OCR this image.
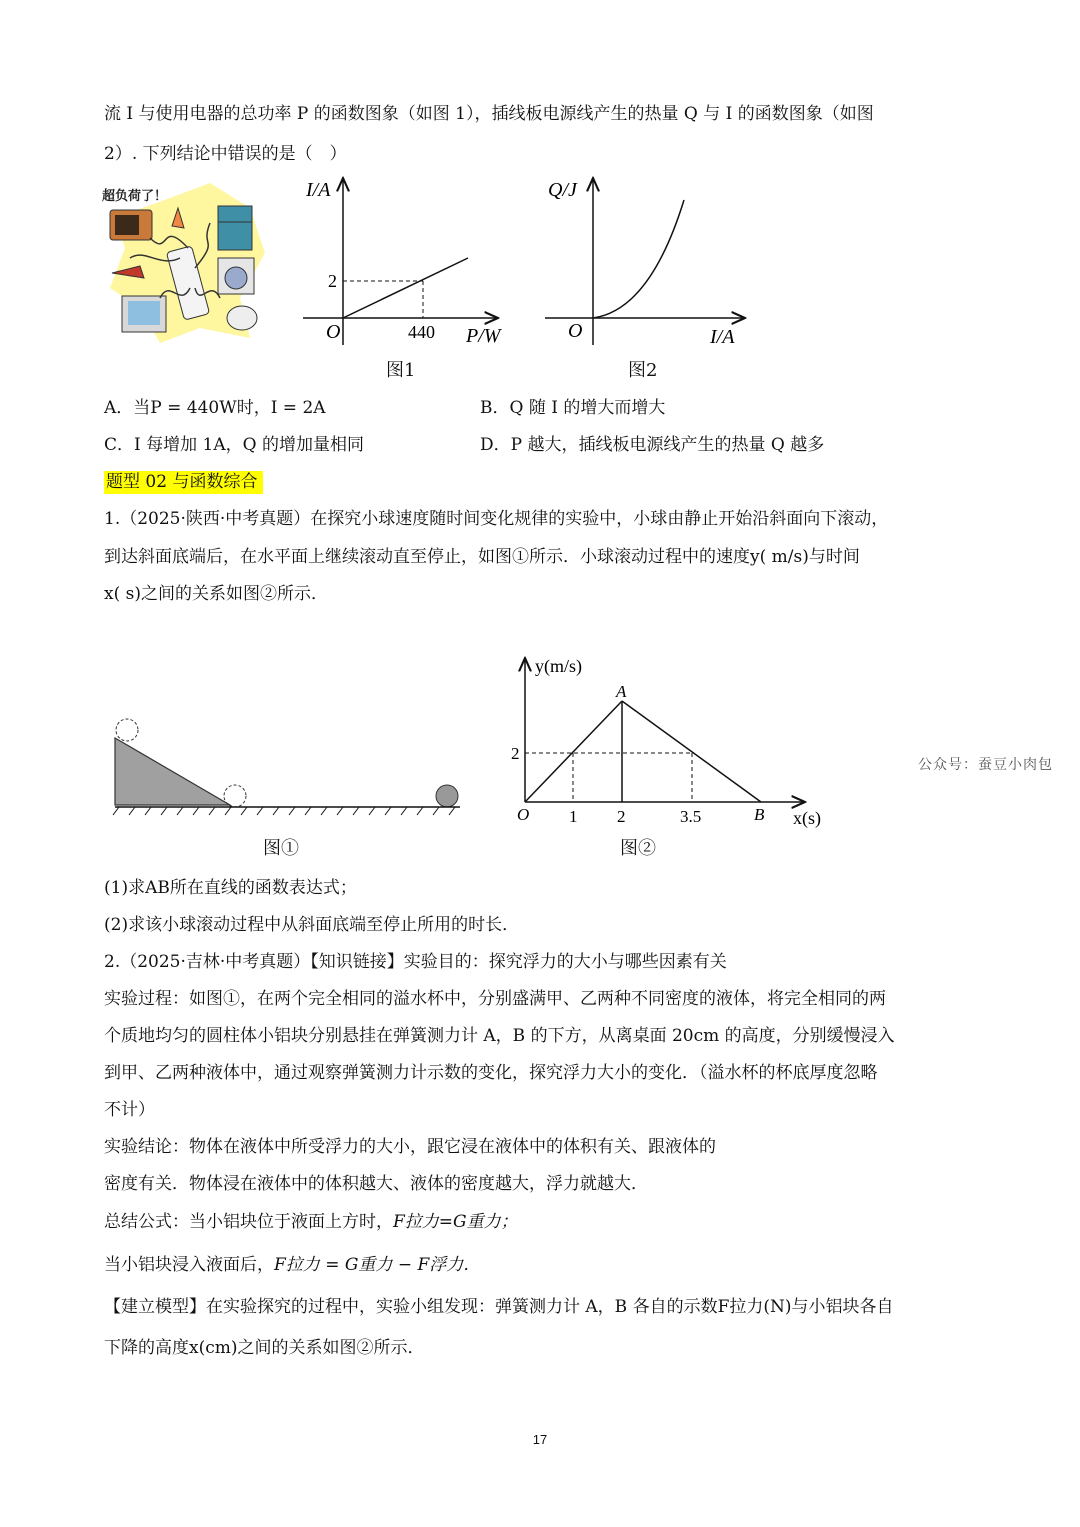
流 I 与使用电器的总功率 P 的函数图象（如图 1），插线板电源线产生的热量 Q 与 I 的函数图象（如图
2）. 下列结论中错误的是（　）
超负荷了！	I/A
2
O	440 P/W
图1
Q/J
O	I/A
图2
A．当P = 440W时，I = 2A	B．Q 随 I 的增大而增大
C．I 每增加 1A，Q 的增加量相同	D．P 越大，插线板电源线产生的热量 Q 越多
题型 02 与函数综合
1.（2025·陕西·中考真题）在探究小球速度随时间变化规律的实验中，小球由静止开始沿斜面向下滚动，
到达斜面底端后，在水平面上继续滚动直至停止，如图①所示．小球滚动过程中的速度y( m/s)与时间
x( s)之间的关系如图②所示．
图①
y(m/s)
A
2
O 1 2	3.5	B x(s)
图②
公众号：蚕豆小肉包
(1)求AB所在直线的函数表达式；
(2)求该小球滚动过程中从斜面底端至停止所用的时长．
2.（2025·吉林·中考真题）【知识链接】实验目的：探究浮力的大小与哪些因素有关
实验过程：如图①，在两个完全相同的溢水杯中，分别盛满甲、乙两种不同密度的液体，将完全相同的两
个质地均匀的圆柱体小铝块分别悬挂在弹簧测力计 A，B 的下方，从离桌面 20cm 的高度，分别缓慢浸入
到甲、乙两种液体中，通过观察弹簧测力计示数的变化，探究浮力大小的变化．（溢水杯的杯底厚度忽略
不计）
实验结论：物体在液体中所受浮力的大小，跟它浸在液体中的体积有关、跟液体的
密度有关．物体浸在液体中的体积越大、液体的密度越大，浮力就越大．
总结公式：当小铝块位于液面上方时，F拉力=G重力；
当小铝块浸入液面后，F拉力 = G重力 − F浮力．
【建立模型】在实验探究的过程中，实验小组发现：弹簧测力计 A，B 各自的示数F拉力(N)与小铝块各自
下降的高度x(cm)之间的关系如图②所示．
17
